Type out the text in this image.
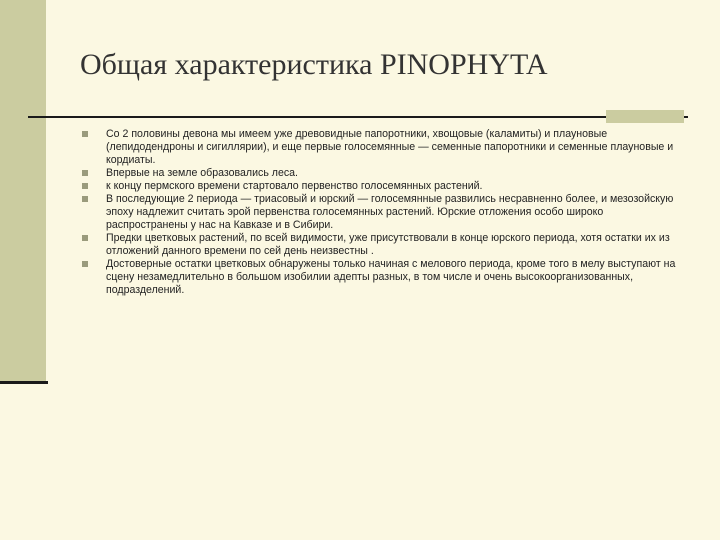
Общая характеристика PINOPHYTA
Со 2 половины девона мы имеем уже древовидные папоротники, хвощовые (каламиты) и плауновые (лепидодендроны и сигиллярии), и еще первые голосемянные — семенные папоротники и семенные плауновые и кордиаты.
Впервые на земле образовались леса.
к концу пермского времени стартовало первенство голосемянных растений.
В последующие 2 периода — триасовый и юрский — голосемянные развились несравненно более, и мезозойскую эпоху надлежит считать эрой первенства голосемянных растений. Юрские отложения особо широко распространены у нас на Кавказе и в Сибири.
Предки цветковых растений, по всей видимости, уже присутствовали в конце юрского периода, хотя остатки их из отложений данного времени по сей день неизвестны .
Достоверные остатки цветковых обнаружены только начиная с мелового периода, кроме того в мелу выступают на сцену незамедлительно в большом изобилии адепты разных, в том числе и очень высокоорганизованных, подразделений.
